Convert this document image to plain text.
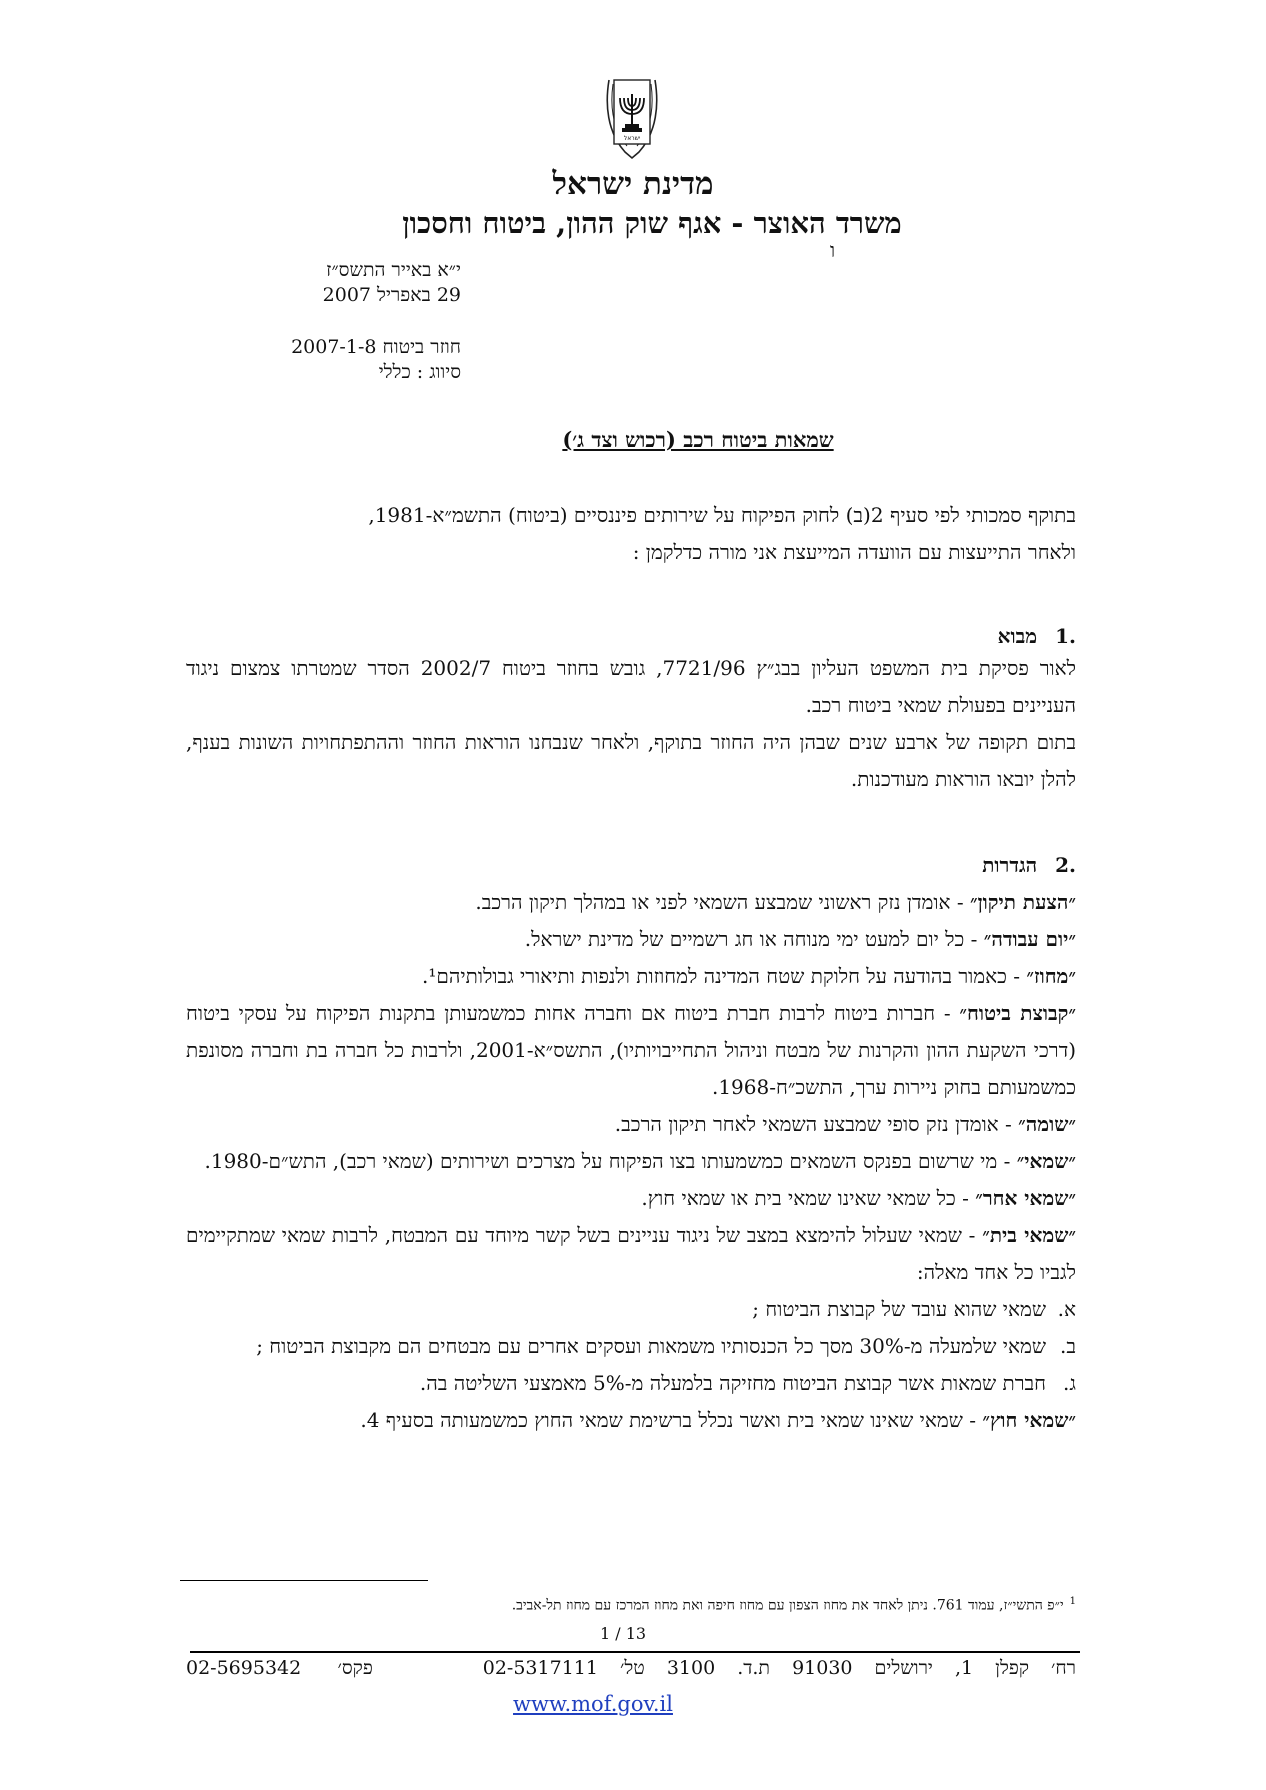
ישראל
מדינת ישראל
משרד האוצר - אגף שוק ההון, ביטוח וחסכון
ו
י״א באייר התשס״ז
29 באפריל 2007
חוזר ביטוח 2007-1-8
סיווג : כללי
שמאות ביטוח רכב (רכוש וצד ג׳)

בתוקף סמכותי לפי סעיף 2(ב) לחוק הפיקוח על שירותים פיננסיים (ביטוח) התשמ״א-1981,

ולאחר התייעצות עם הוועדה המייעצת אני מורה כדלקמן :

.1מבוא

לאור פסיקת בית המשפט העליון בבג״ץ 7721/96, גובש בחוזר ביטוח 2002/7 הסדר שמטרתו צמצום ניגוד העניינים בפעולת שמאי ביטוח רכב.

בתום תקופה של ארבע שנים שבהן היה החוזר בתוקף, ולאחר שנבחנו הוראות החוזר וההתפתחויות השונות בענף, להלן יובאו הוראות מעודכנות.

.2הגדרות

״הצעת תיקון״ - אומדן נזק ראשוני שמבצע השמאי לפני או במהלך תיקון הרכב.

״יום עבודה״ - כל יום למעט ימי מנוחה או חג רשמיים של מדינת ישראל.

״מחוז״ - כאמור בהודעה על חלוקת שטח המדינה למחוזות ולנפות ותיאורי גבולותיהם¹.

״קבוצת ביטוח״ - חברות ביטוח לרבות חברת ביטוח אם וחברה אחות כמשמעותן בתקנות הפיקוח על עסקי ביטוח (דרכי השקעת ההון והקרנות של מבטח וניהול התחייבויותיו), התשס״א-2001, ולרבות כל חברה בת וחברה מסונפת כמשמעותם בחוק ניירות ערך, התשכ״ח-1968.

״שומה״ - אומדן נזק סופי שמבצע השמאי לאחר תיקון הרכב.

״שמאי״ - מי שרשום בפנקס השמאים כמשמעותו בצו הפיקוח על מצרכים ושירותים (שמאי רכב), התש״ם-1980.

״שמאי אחר״ - כל שמאי שאינו שמאי בית או שמאי חוץ.

״שמאי בית״ - שמאי שעלול להימצא במצב של ניגוד עניינים בשל קשר מיוחד עם המבטח, לרבות שמאי שמתקיימים לגביו כל אחד מאלה:

א.
שמאי שהוא עובד של קבוצת הביטוח ;
ב.
שמאי שלמעלה מ-30% מסך כל הכנסותיו משמאות ועסקים אחרים עם מבטחים הם מקבוצת הביטוח ;
ג.
חברת שמאות אשר קבוצת הביטוח מחזיקה בלמעלה מ-5% מאמצעי השליטה בה.

״שמאי חוץ״ - שמאי שאינו שמאי בית ואשר נכלל ברשימת שמאי החוץ כמשמעותה בסעיף 4.

$^1$י״פ התשי״ז, עמוד 761. ניתן לאחד את מחוז הצפון עם מחוז חיפה ואת מחוז המרכז עם מחוז תל-אביב.
1 / 13
רח׳ קפלן 1, ירושלים 91030 ת.ד. 3100 טל׳ 02-5317111
פקס׳      02-5695342
www.mof.gov.il
